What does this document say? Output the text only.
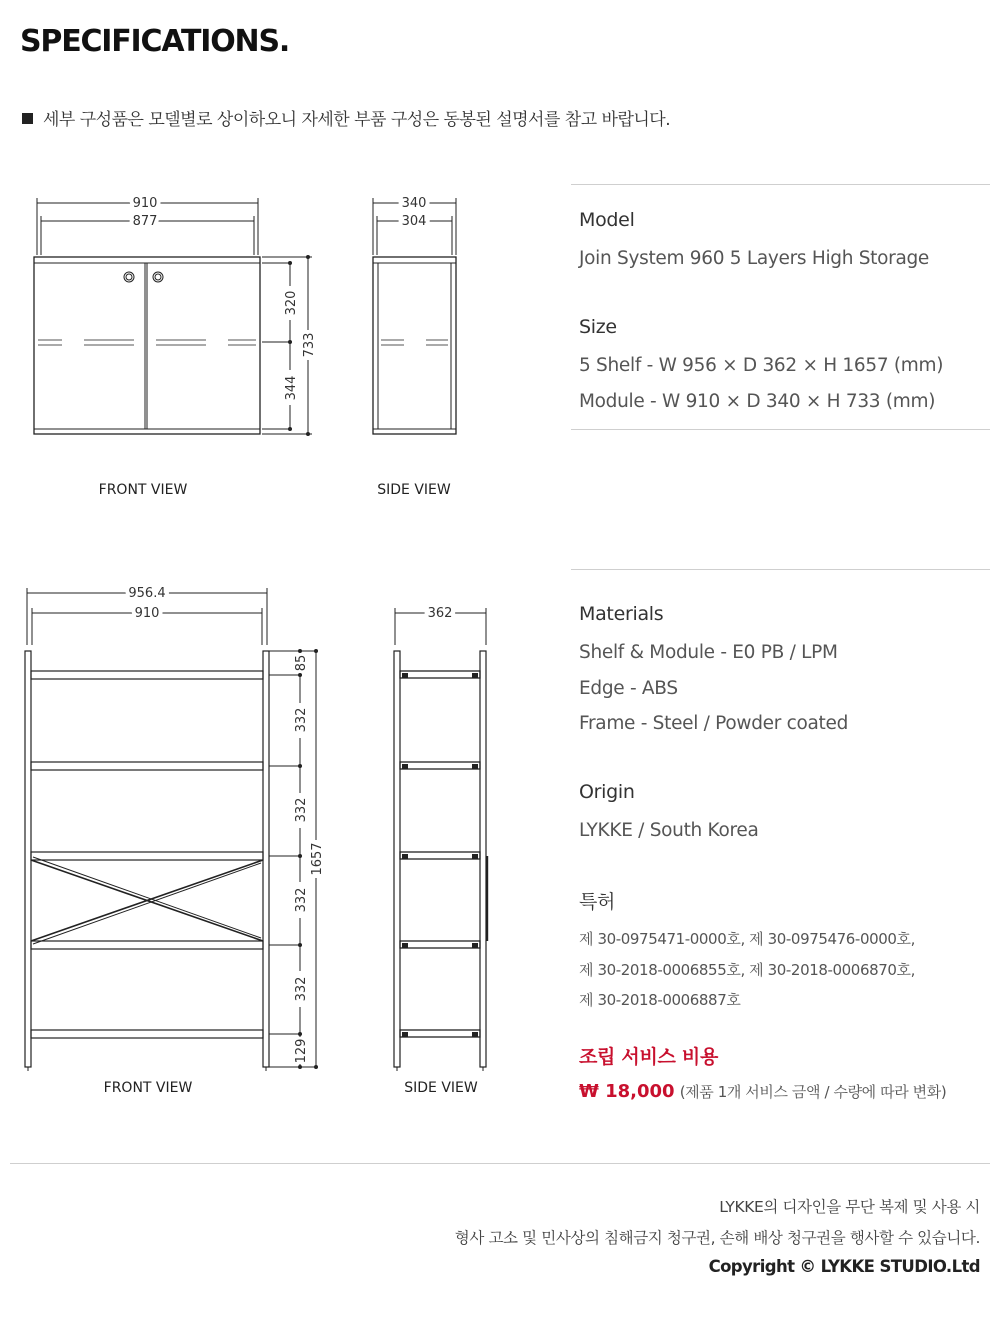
SPECIFICATIONS.
세부 구성품은 모델별로 상이하오니 자세한 부품 구성은 동봉된 설명서를 참고 바랍니다.
910
877
320
733
344
340
304
FRONT VIEW	SIDE VIEW
956.4
910	362
85
332
332
332
332
129
1657
FRONT VIEW	SIDE VIEW
Model
Join System 960 5 Layers High Storage
Size
5 Shelf - W 956 × D 362 × H 1657 (mm)
Module - W 910 × D 340 × H 733 (mm)
Materials
Shelf & Module - E0 PB / LPM
Edge - ABS
Frame - Steel / Powder coated
Origin
LYKKE / South Korea
특허
제 30-0975471-0000호, 제 30-0975476-0000호,
제 30-2018-0006855호, 제 30-2018-0006870호,
제 30-2018-0006887호
조립 서비스 비용
₩ 18,000 (제품 1개 서비스 금액 / 수량에 따라 변화)
LYKKE의 디자인을 무단 복제 및 사용 시
형사 고소 및 민사상의 침해금지 청구권, 손해 배상 청구권을 행사할 수 있습니다.
Copyright © LYKKE STUDIO.Ltd
